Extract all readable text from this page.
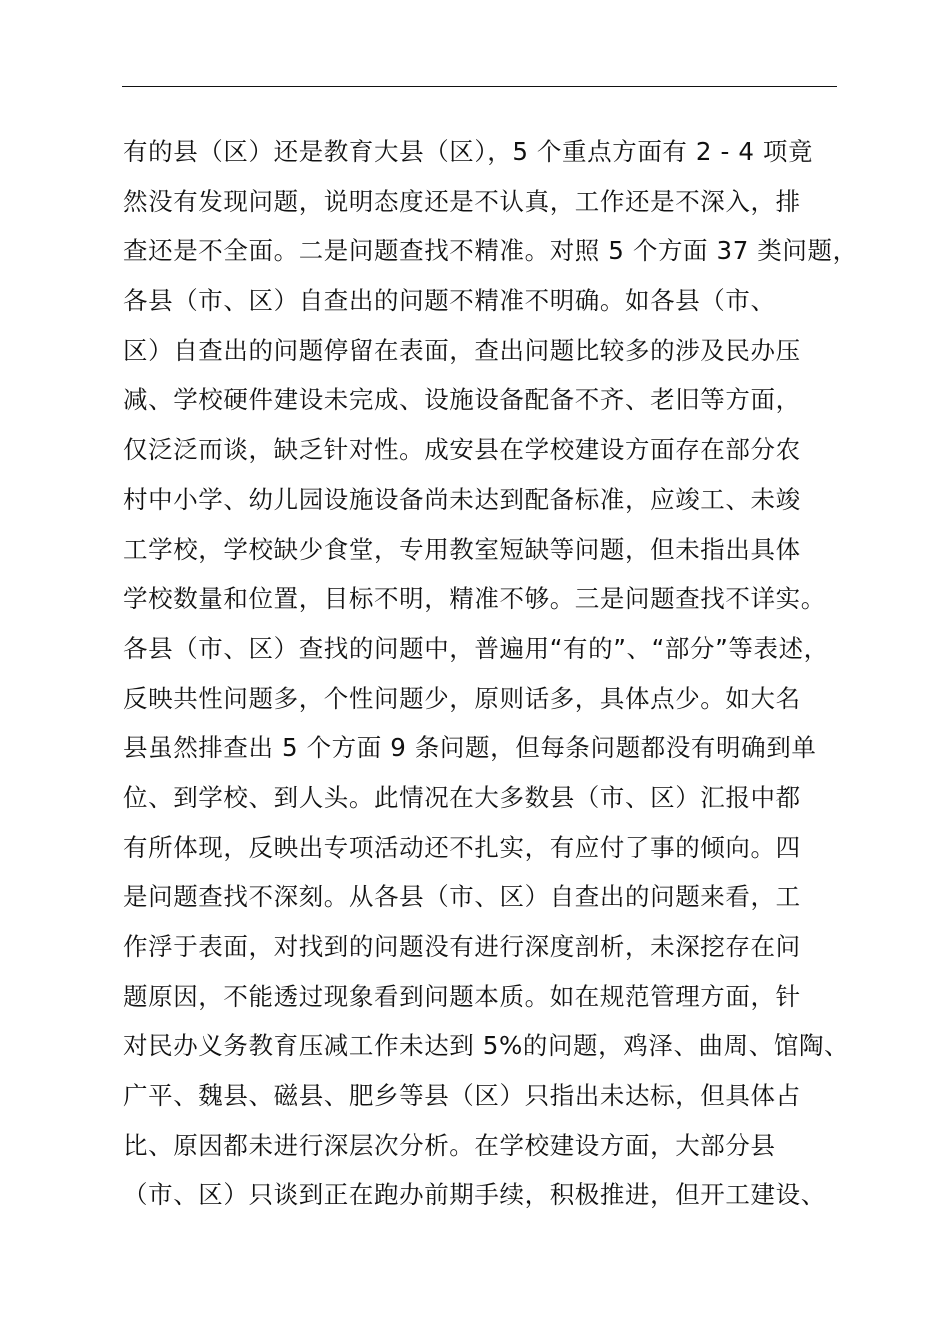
有的县（区）还是教育大县（区），5 个重点方面有 2 - 4 项竟
然没有发现问题，说明态度还是不认真，工作还是不深入，排
查还是不全面。二是问题查找不精准。对照 5 个方面 37 类问题，
各县（市、区）自查出的问题不精准不明确。如各县（市、
区）自查出的问题停留在表面，查出问题比较多的涉及民办压
减、学校硬件建设未完成、设施设备配备不齐、老旧等方面，
仅泛泛而谈，缺乏针对性。成安县在学校建设方面存在部分农
村中小学、幼儿园设施设备尚未达到配备标准，应竣工、未竣
工学校，学校缺少食堂，专用教室短缺等问题，但未指出具体
学校数量和位置，目标不明，精准不够。三是问题查找不详实。
各县（市、区）查找的问题中，普遍用“有的”、“部分”等表述，
反映共性问题多，个性问题少，原则话多，具体点少。如大名
县虽然排查出 5 个方面 9 条问题，但每条问题都没有明确到单
位、到学校、到人头。此情况在大多数县（市、区）汇报中都
有所体现，反映出专项活动还不扎实，有应付了事的倾向。四
是问题查找不深刻。从各县（市、区）自查出的问题来看，工
作浮于表面，对找到的问题没有进行深度剖析，未深挖存在问
题原因，不能透过现象看到问题本质。如在规范管理方面，针
对民办义务教育压减工作未达到 5%的问题，鸡泽、曲周、馆陶、
广平、魏县、磁县、肥乡等县（区）只指出未达标，但具体占
比、原因都未进行深层次分析。在学校建设方面，大部分县
（市、区）只谈到正在跑办前期手续，积极推进，但开工建设、
